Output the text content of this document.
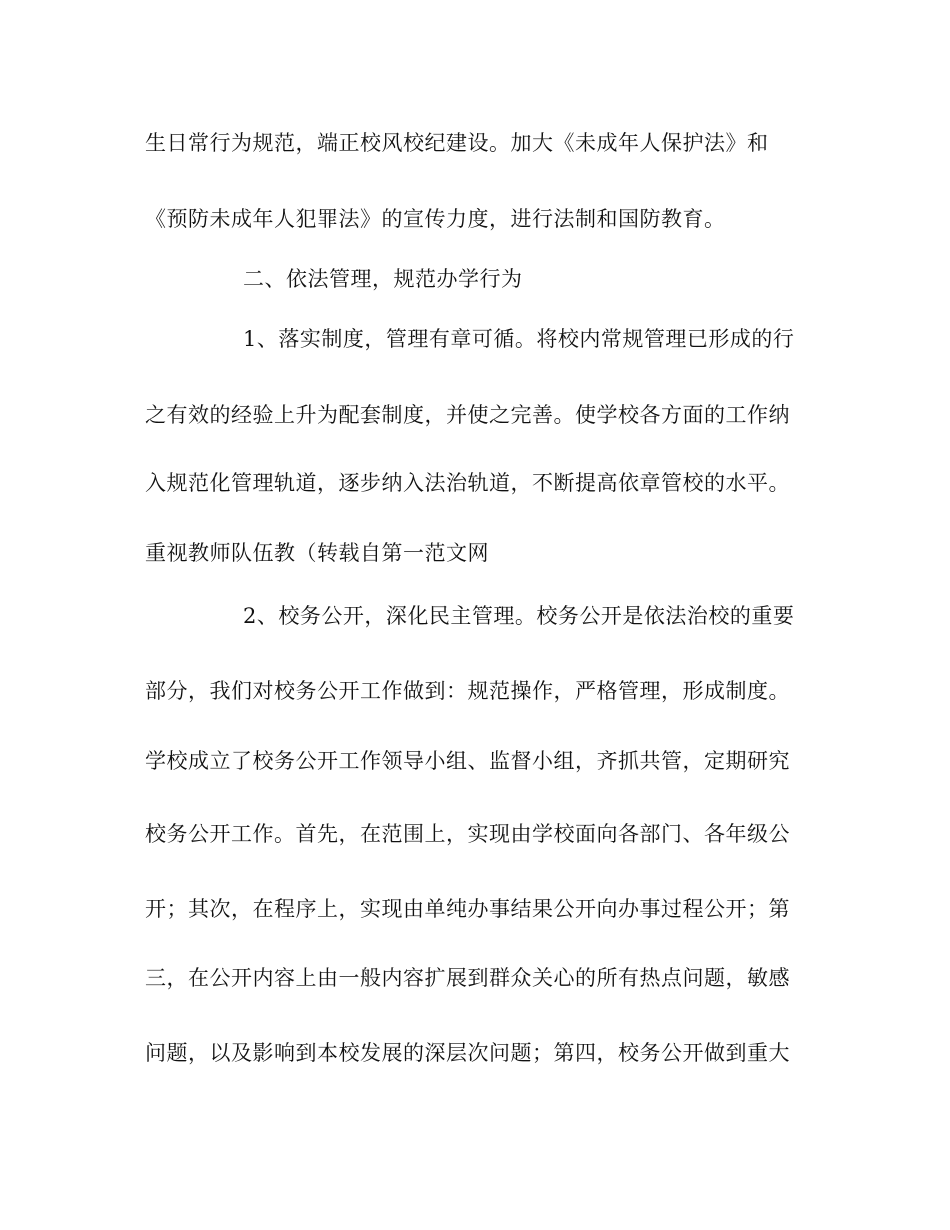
生日常行为规范，端正校风校纪建设。加大《未成年人保护法》和
《预防未成年人犯罪法》的宣传力度，进行法制和国防教育。
二、依法管理，规范办学行为
1、落实制度，管理有章可循。将校内常规管理已形成的行
之有效的经验上升为配套制度，并使之完善。使学校各方面的工作纳
入规范化管理轨道，逐步纳入法治轨道，不断提高依章管校的水平。
重视教师队伍教（转载自第一范文网
2、校务公开，深化民主管理。校务公开是依法治校的重要
部分，我们对校务公开工作做到：规范操作，严格管理，形成制度。
学校成立了校务公开工作领导小组、监督小组，齐抓共管，定期研究
校务公开工作。首先，在范围上，实现由学校面向各部门、各年级公
开；其次，在程序上，实现由单纯办事结果公开向办事过程公开；第
三，在公开内容上由一般内容扩展到群众关心的所有热点问题，敏感
问题，以及影响到本校发展的深层次问题；第四，校务公开做到重大
